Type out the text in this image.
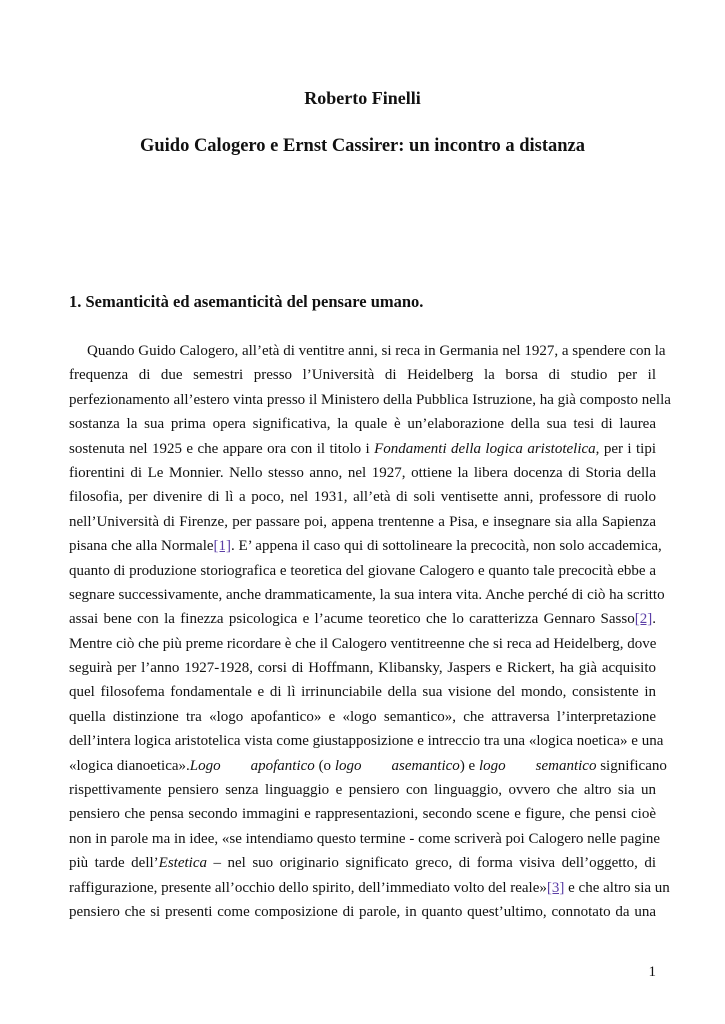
Roberto Finelli
Guido Calogero e Ernst Cassirer: un incontro a distanza
1. Semanticità ed asemanticità del pensare umano.
Quando Guido Calogero, all’età di ventitre anni, si reca in Germania nel 1927, a spendere con la
frequenza di due semestri presso l’Università di Heidelberg la borsa di studio per il
perfezionamento all’estero vinta presso il Ministero della Pubblica Istruzione, ha già composto nella
sostanza la sua prima opera significativa, la quale è un’elaborazione della sua tesi di laurea
sostenuta nel 1925 e che appare ora con il titolo i Fondamenti della logica aristotelica, per i tipi
fiorentini di Le Monnier. Nello stesso anno, nel 1927, ottiene la libera docenza di Storia della
filosofia, per divenire di lì a poco, nel 1931, all’età di soli ventisette anni, professore di ruolo
nell’Università di Firenze, per passare poi, appena trentenne a Pisa, e insegnare sia alla Sapienza
pisana che alla Normale[1]. E’ appena il caso qui di sottolineare la precocità, non solo accademica,
quanto di produzione storiografica e teoretica del giovane Calogero e quanto tale precocità ebbe a
segnare successivamente, anche drammaticamente, la sua intera vita. Anche perché di ciò ha scritto
assai bene con la finezza psicologica e l’acume teoretico che lo caratterizza Gennaro Sasso[2].
Mentre ciò che più preme ricordare è che il Calogero ventitreenne che si reca ad Heidelberg, dove
seguirà per l’anno 1927-1928, corsi di Hoffmann, Klibansky, Jaspers e Rickert, ha già acquisito
quel filosofema fondamentale e di lì irrinunciabile della sua visione del mondo, consistente in
quella distinzione tra «logo apofantico» e «logo semantico», che attraversa l’interpretazione
dell’intera logica aristotelica vista come giustapposizione e intreccio tra una «logica noetica» e una
«logica dianoetica».Logo apofantico (o logo asemantico) e logo semantico significano
rispettivamente pensiero senza linguaggio e pensiero con linguaggio, ovvero che altro sia un
pensiero che pensa secondo immagini e rappresentazioni, secondo scene e figure, che pensi cioè
non in parole ma in idee, «se intendiamo questo termine - come scriverà poi Calogero nelle pagine
più tarde dell’Estetica – nel suo originario significato greco, di forma visiva dell’oggetto, di
raffigurazione, presente all’occhio dello spirito, dell’immediato volto del reale»[3] e che altro sia un
pensiero che si presenti come composizione di parole, in quanto quest’ultimo, connotato da una
1
